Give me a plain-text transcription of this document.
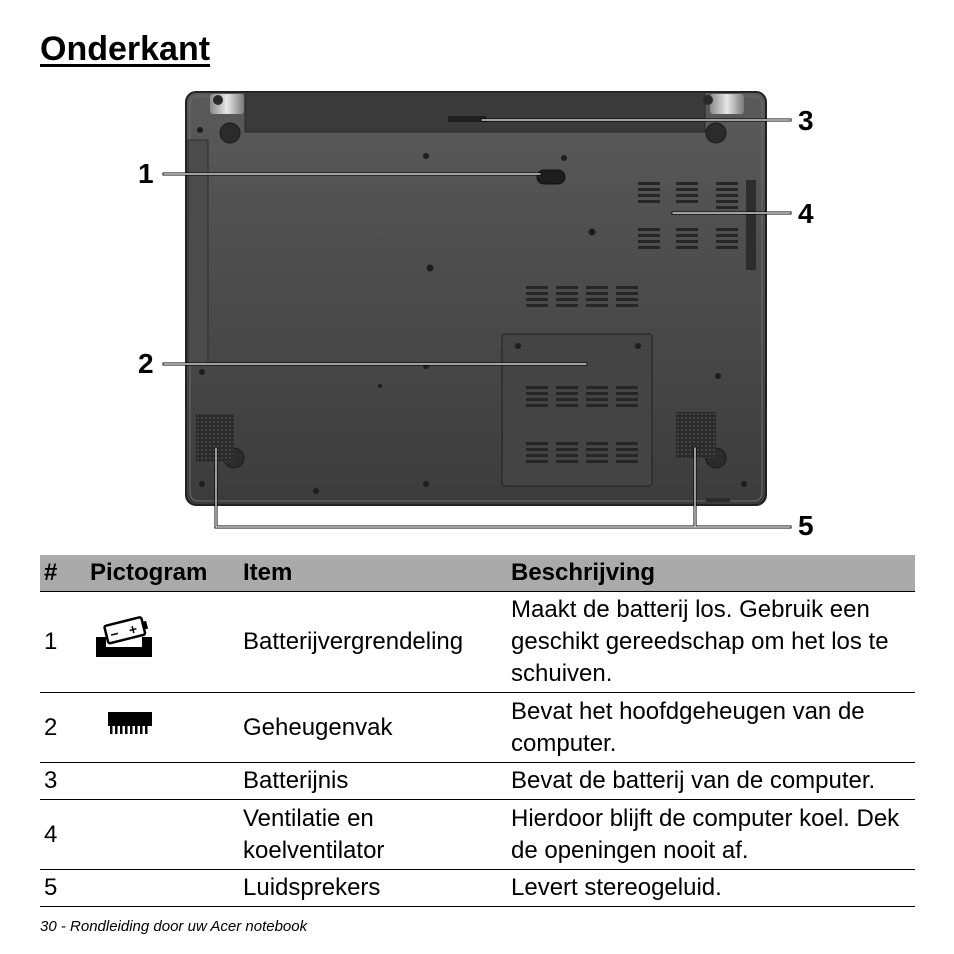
Onderkant
1
2
3
4
5
#	Pictogram	Item	Beschrijving
1	− +	Batterijvergrendeling	Maakt de batterij los. Gebruik een geschikt gereedschap om het los te schuiven.
2		Geheugenvak	Bevat het hoofdgeheugen van de computer.
3		Batterijnis	Bevat de batterij van de computer.
4		Ventilatie en koelventilator	Hierdoor blijft de computer koel. Dek de openingen nooit af.
5		Luidsprekers	Levert stereogeluid.
30 - Rondleiding door uw Acer notebook
